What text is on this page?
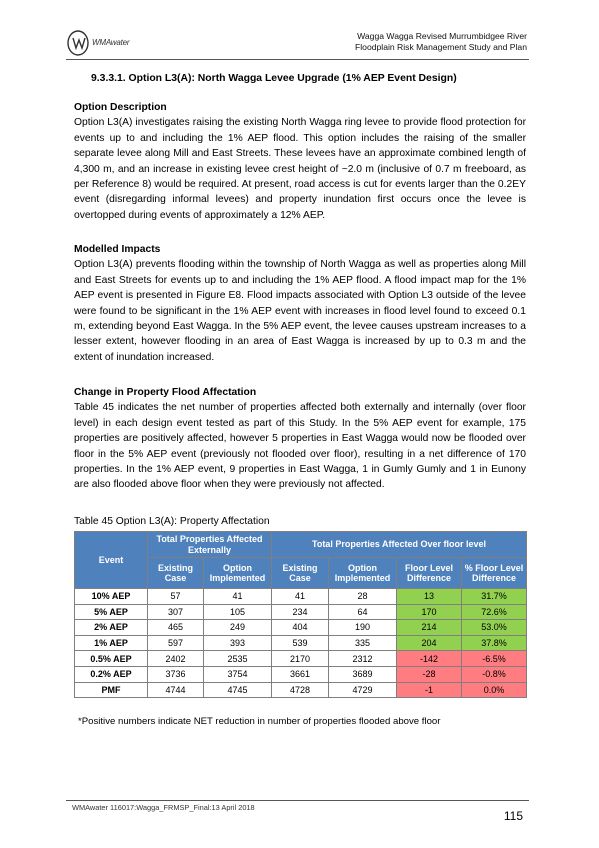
WMAwater
Wagga Wagga Revised Murrumbidgee River
Floodplain Risk Management Study and Plan
9.3.3.1. Option L3(A): North Wagga Levee Upgrade (1% AEP Event Design)
Option Description

Option L3(A) investigates raising the existing North Wagga ring levee to provide flood protection for events up to and including the 1% AEP flood. This option includes the raising of the smaller separate levee along Mill and East Streets. These levees have an approximate combined length of 4,300 m, and an increase in existing levee crest height of ~2.0 m (inclusive of 0.7 m freeboard, as per Reference 8) would be required. At present, road access is cut for events larger than the 0.2EY event (disregarding informal levees) and property inundation first occurs once the levee is overtopped during events of approximately a 12% AEP.

Modelled Impacts

Option L3(A) prevents flooding within the township of North Wagga as well as properties along Mill and East Streets for events up to and including the 1% AEP flood. A flood impact map for the 1% AEP event is presented in Figure E8. Flood impacts associated with Option L3 outside of the levee were found to be significant in the 1% AEP event with increases in flood level found to exceed 0.1 m, extending beyond East Wagga. In the 5% AEP event, the levee causes upstream increases to a lesser extent, however flooding in an area of East Wagga is increased by up to 0.3 m and the extent of inundation increased.

Change in Property Flood Affectation

Table 45 indicates the net number of properties affected both externally and internally (over floor level) in each design event tested as part of this Study. In the 5% AEP event for example, 175 properties are positively affected, however 5 properties in East Wagga would now be flooded over floor in the 5% AEP event (previously not flooded over floor), resulting in a net difference of 170 properties. In the 1% AEP event, 9 properties in East Wagga, 1 in Gumly Gumly and 1 in Eunony are also flooded above floor when they were previously not affected.

Table 45 Option L3(A): Property Affectation
Event	Total Properties Affected Externally		Total Properties Affected Over floor level			
	Existing Case	Option Implemented	Existing Case	Option Implemented	Floor Level Difference	% Floor Level Difference
10% AEP	57	41	41	28	13	31.7%
5% AEP	307	105	234	64	170	72.6%
2% AEP	465	249	404	190	214	53.0%
1% AEP	597	393	539	335	204	37.8%
0.5% AEP	2402	2535	2170	2312	-142	-6.5%
0.2% AEP	3736	3754	3661	3689	-28	-0.8%
PMF	4744	4745	4728	4729	-1	0.0%
*Positive numbers indicate NET reduction in number of properties flooded above floor
WMAwater 116017:Wagga_FRMSP_Final:13 April 2018
115
